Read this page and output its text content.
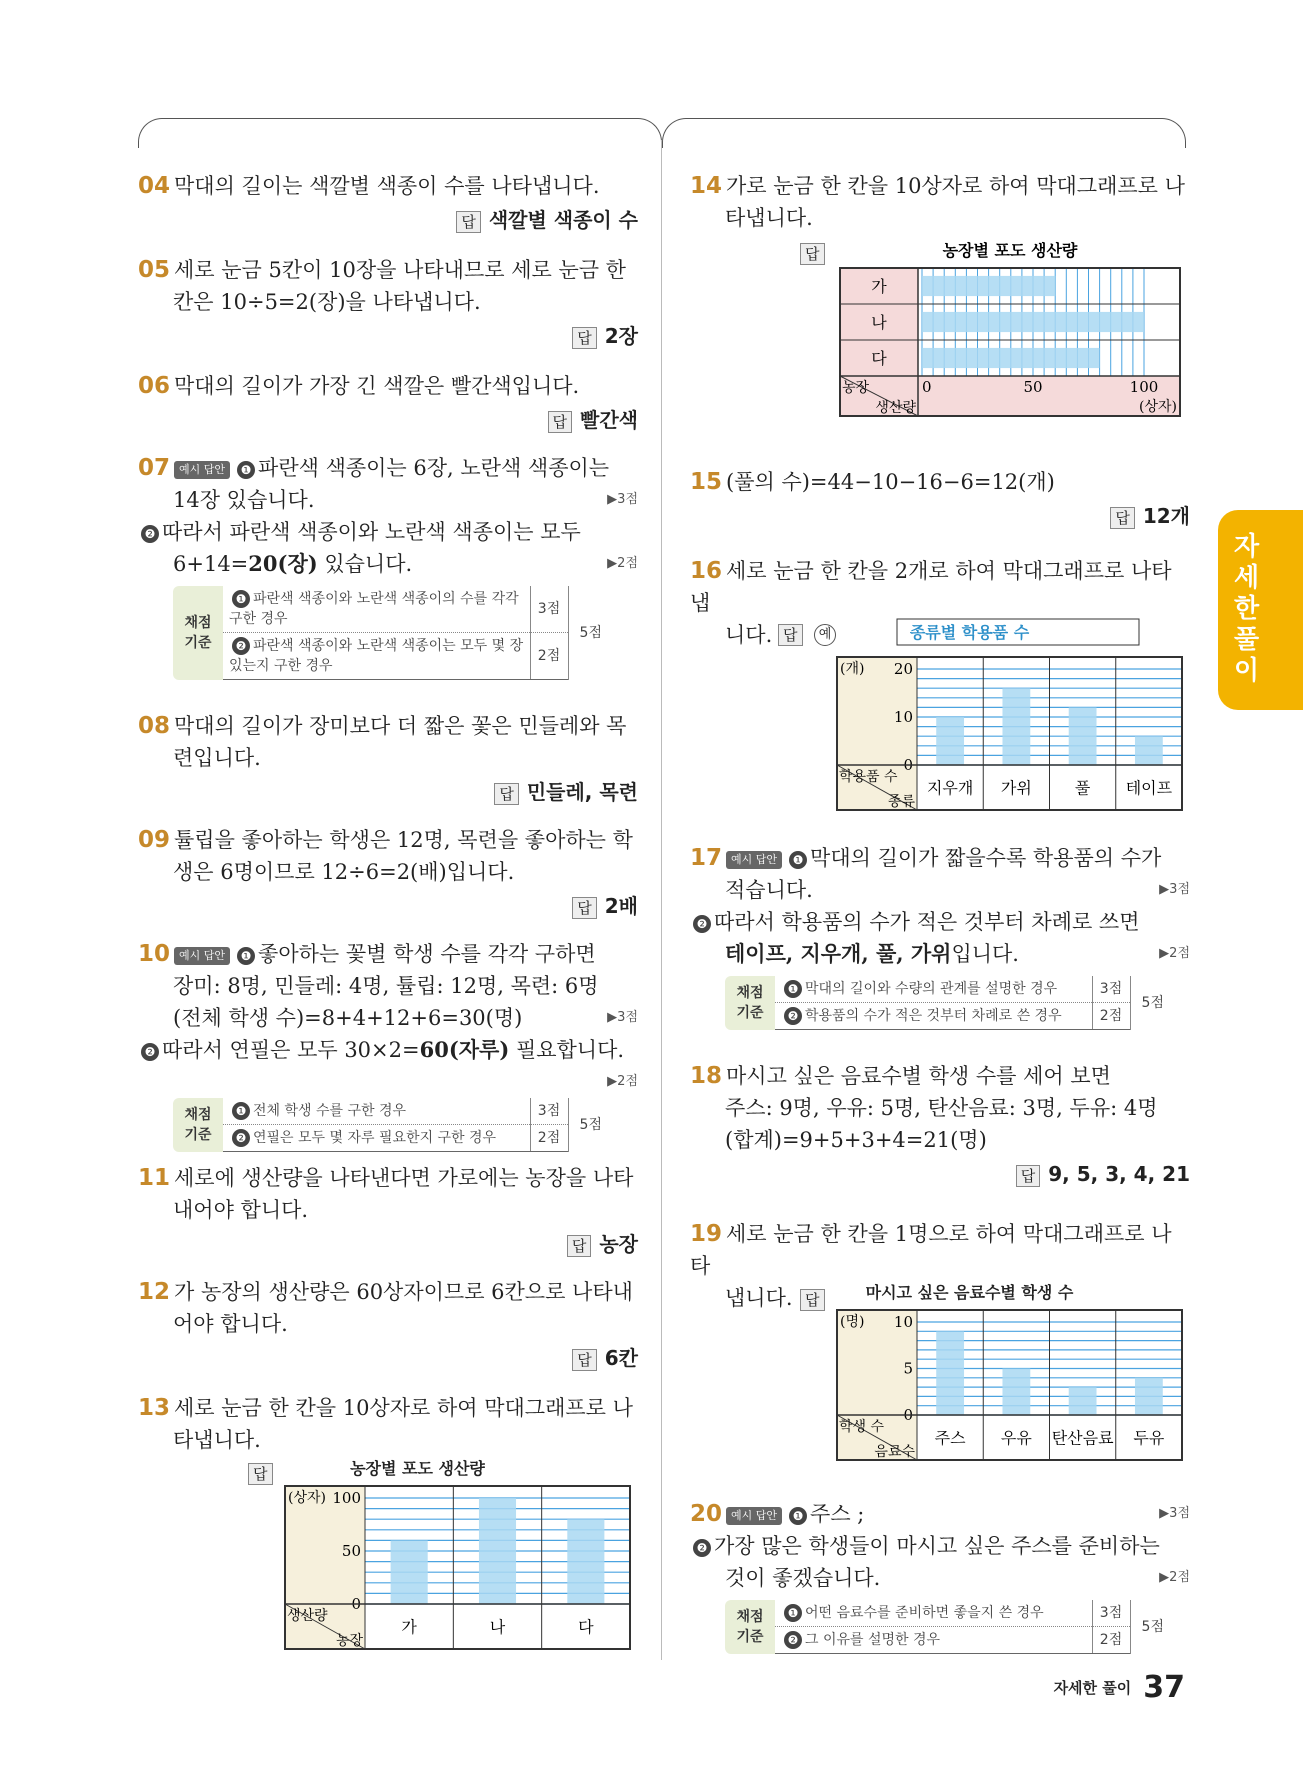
자세한풀이
04 막대의 길이는 색깔별 색종이 수를 나타냅니다.
답 색깔별 색종이 수
05 세로 눈금 5칸이 10장을 나타내므로 세로 눈금 한
칸은 10÷5=2(장)을 나타냅니다.
답 2장
06 막대의 길이가 가장 긴 색깔은 빨간색입니다.
답 빨간색
07 예시 답안 ❶ 파란색 색종이는 6장, 노란색 색종이는
14장 있습니다.	▶3점
❷ 따라서 파란색 색종이와 노란색 색종이는 모두
6+14=20(장) 있습니다.	▶2점
채점 기준	❶ 파란색 색종이와 노란색 색종이의 수를 각각 구한 경우	3점	5점
	❷ 파란색 색종이와 노란색 색종이는 모두 몇 장 있는지 구한 경우	2점	
08 막대의 길이가 장미보다 더 짧은 꽃은 민들레와 목
련입니다.
답 민들레, 목련
09 튤립을 좋아하는 학생은 12명, 목련을 좋아하는 학
생은 6명이므로 12÷6=2(배)입니다.
답 2배
10 예시 답안 ❶ 좋아하는 꽃별 학생 수를 각각 구하면
장미: 8명, 민들레: 4명, 튤립: 12명, 목련: 6명
(전체 학생 수)=8+4+12+6=30(명)	▶3점
❷ 따라서 연필은 모두 30×2=60(자루) 필요합니다.
▶2점
채점 기준	❶ 전체 학생 수를 구한 경우	3점	5점
	❷ 연필은 모두 몇 자루 필요한지 구한 경우	2점	
11 세로에 생산량을 나타낸다면 가로에는 농장을 나타
내어야 합니다.
답 농장
12 가 농장의 생산량은 60상자이므로 6칸으로 나타내
어야 합니다.
답 6칸
13 세로 눈금 한 칸을 10상자로 하여 막대그래프로 나
타냅니다.
14 가로 눈금 한 칸을 10상자로 하여 막대그래프로 나
타냅니다.
15 (풀의 수)=44−10−16−6=12(개)
답 12개
16 세로 눈금 한 칸을 2개로 하여 막대그래프로 나타냅
니다.
17 예시 답안 ❶ 막대의 길이가 짧을수록 학용품의 수가
적습니다.	▶3점
❷ 따라서 학용품의 수가 적은 것부터 차례로 쓰면
테이프, 지우개, 풀, 가위입니다.	▶2점
채점 기준	❶ 막대의 길이와 수량의 관계를 설명한 경우	3점	5점
	❷ 학용품의 수가 적은 것부터 차례로 쓴 경우	2점	
18 마시고 싶은 음료수별 학생 수를 세어 보면
주스: 9명, 우유: 5명, 탄산음료: 3명, 두유: 4명
(합계)=9+5+3+4=21(명)
답 9, 5, 3, 4, 21
19 세로 눈금 한 칸을 1명으로 하여 막대그래프로 나타
냅니다.
20 예시 답안 ❶ 주스 ;	▶3점
❷ 가장 많은 학생들이 마시고 싶은 주스를 준비하는
것이 좋겠습니다.	▶2점
채점 기준	❶ 어떤 음료수를 준비하면 좋을지 쓴 경우	3점	5점
	❷ 그 이유를 설명한 경우	2점	
답	농장별 포도 생산량
가	나	다
0
50
100
(상자)
생산량
농장
답	농장별 포도 생산량
가
나
다
0	50	100
(상자)
농장
생산량
답	예	종류별 학용품 수
지우개 가위	풀 테이프
0
10
20
(개)
학용품 수
종류
답	마시고 싶은 음료수별 학생 수
주스 우유 탄산음료 두유
0
5
10
(명)
학생 수
음료수
자세한 풀이 37
